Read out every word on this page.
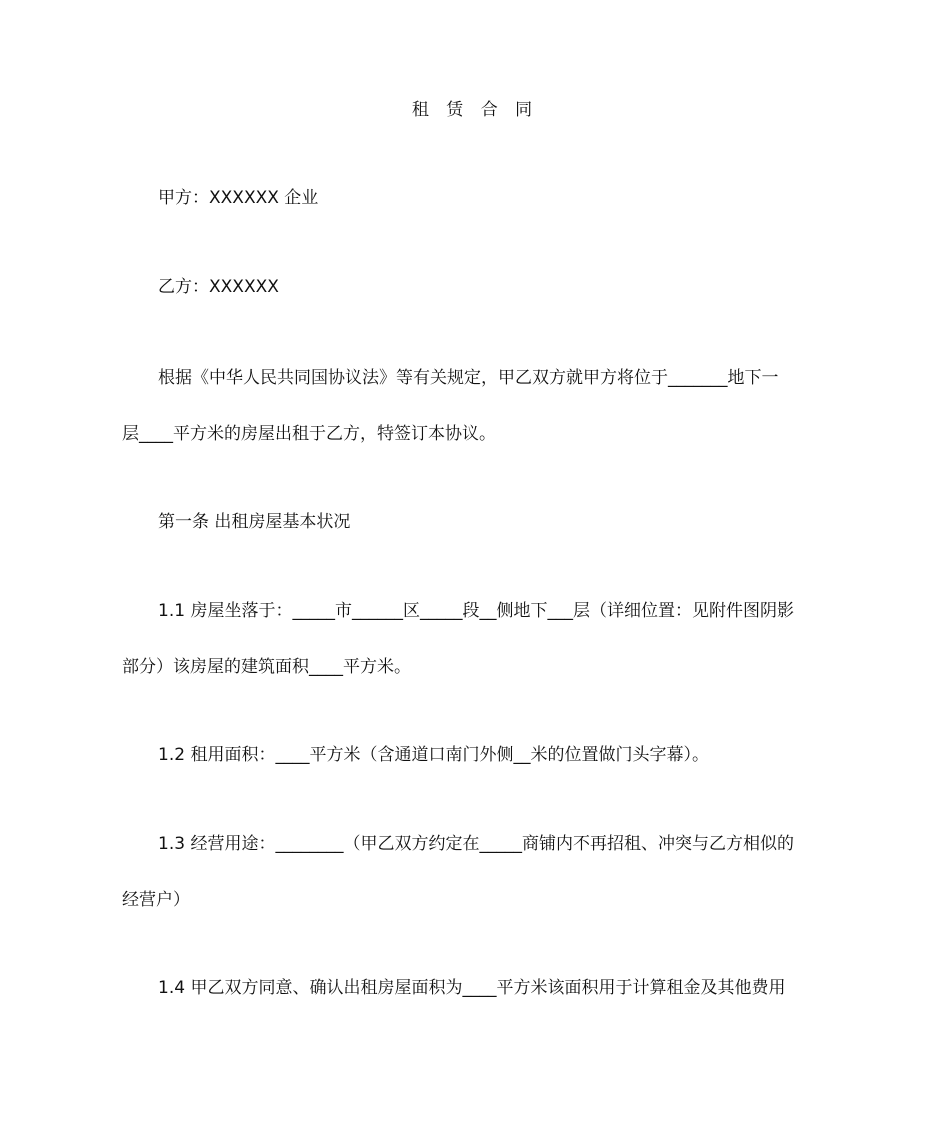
租 赁 合 同

甲方：XXXXXX 企业

乙方：XXXXXX

根据《中华人民共同国协议法》等有关规定，甲乙双方就甲方将位于_______地下一
层____平方米的房屋出租于乙方，特签订本协议。

第一条 出租房屋基本状况

1.1 房屋坐落于：_____市______区_____段__侧地下___层（详细位置：见附件图阴影
部分）该房屋的建筑面积____平方米。

1.2 租用面积：____平方米（含通道口南门外侧__米的位置做门头字幕）。

1.3 经营用途：________（甲乙双方约定在_____商铺内不再招租、冲突与乙方相似的
经营户）

1.4 甲乙双方同意、确认出租房屋面积为____平方米该面积用于计算租金及其他费用
